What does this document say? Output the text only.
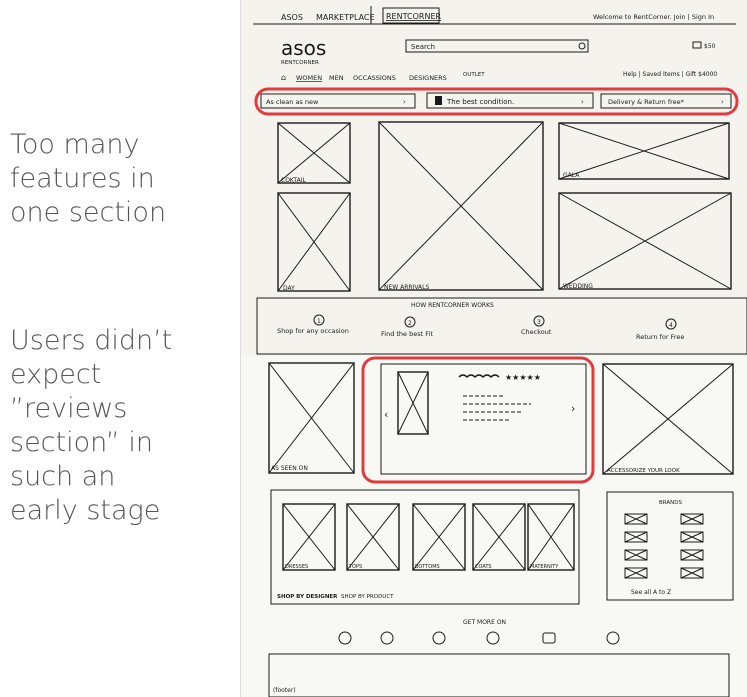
Too many
features in
one section
Users didn’t
expect
”reviews
section” in
such an
early stage
ASOS MARKETPLACE RENTCORNER	Welcome to RentCorner. Join | Sign In
asos
RENTCORNER
Search	$50
⌂ WOMEN MEN OCCASSIONS DESIGNERS	OUTLET	Help | Saved Items | Gift $4000
As clean as new	›	The best condition.	›	Delivery & Return free*	›
COKTAIL
NEW ARRIVALS
GALA
DAY	WEDDING
HOW RENTCORNER WORKS
1
Shop for any occasion
2
Find the best Fit
3
Checkout
4
Return for Free
AS SEEN ON
‹	›
★★★★★
ACCESSORIZE YOUR LOOK
DRESSES	TOPS	BOTTOMS	COATS	MATERNITY
SHOP BY DESIGNER SHOP BY PRODUCT
BRANDS
See all A to Z
GET MORE ON
(footer)
